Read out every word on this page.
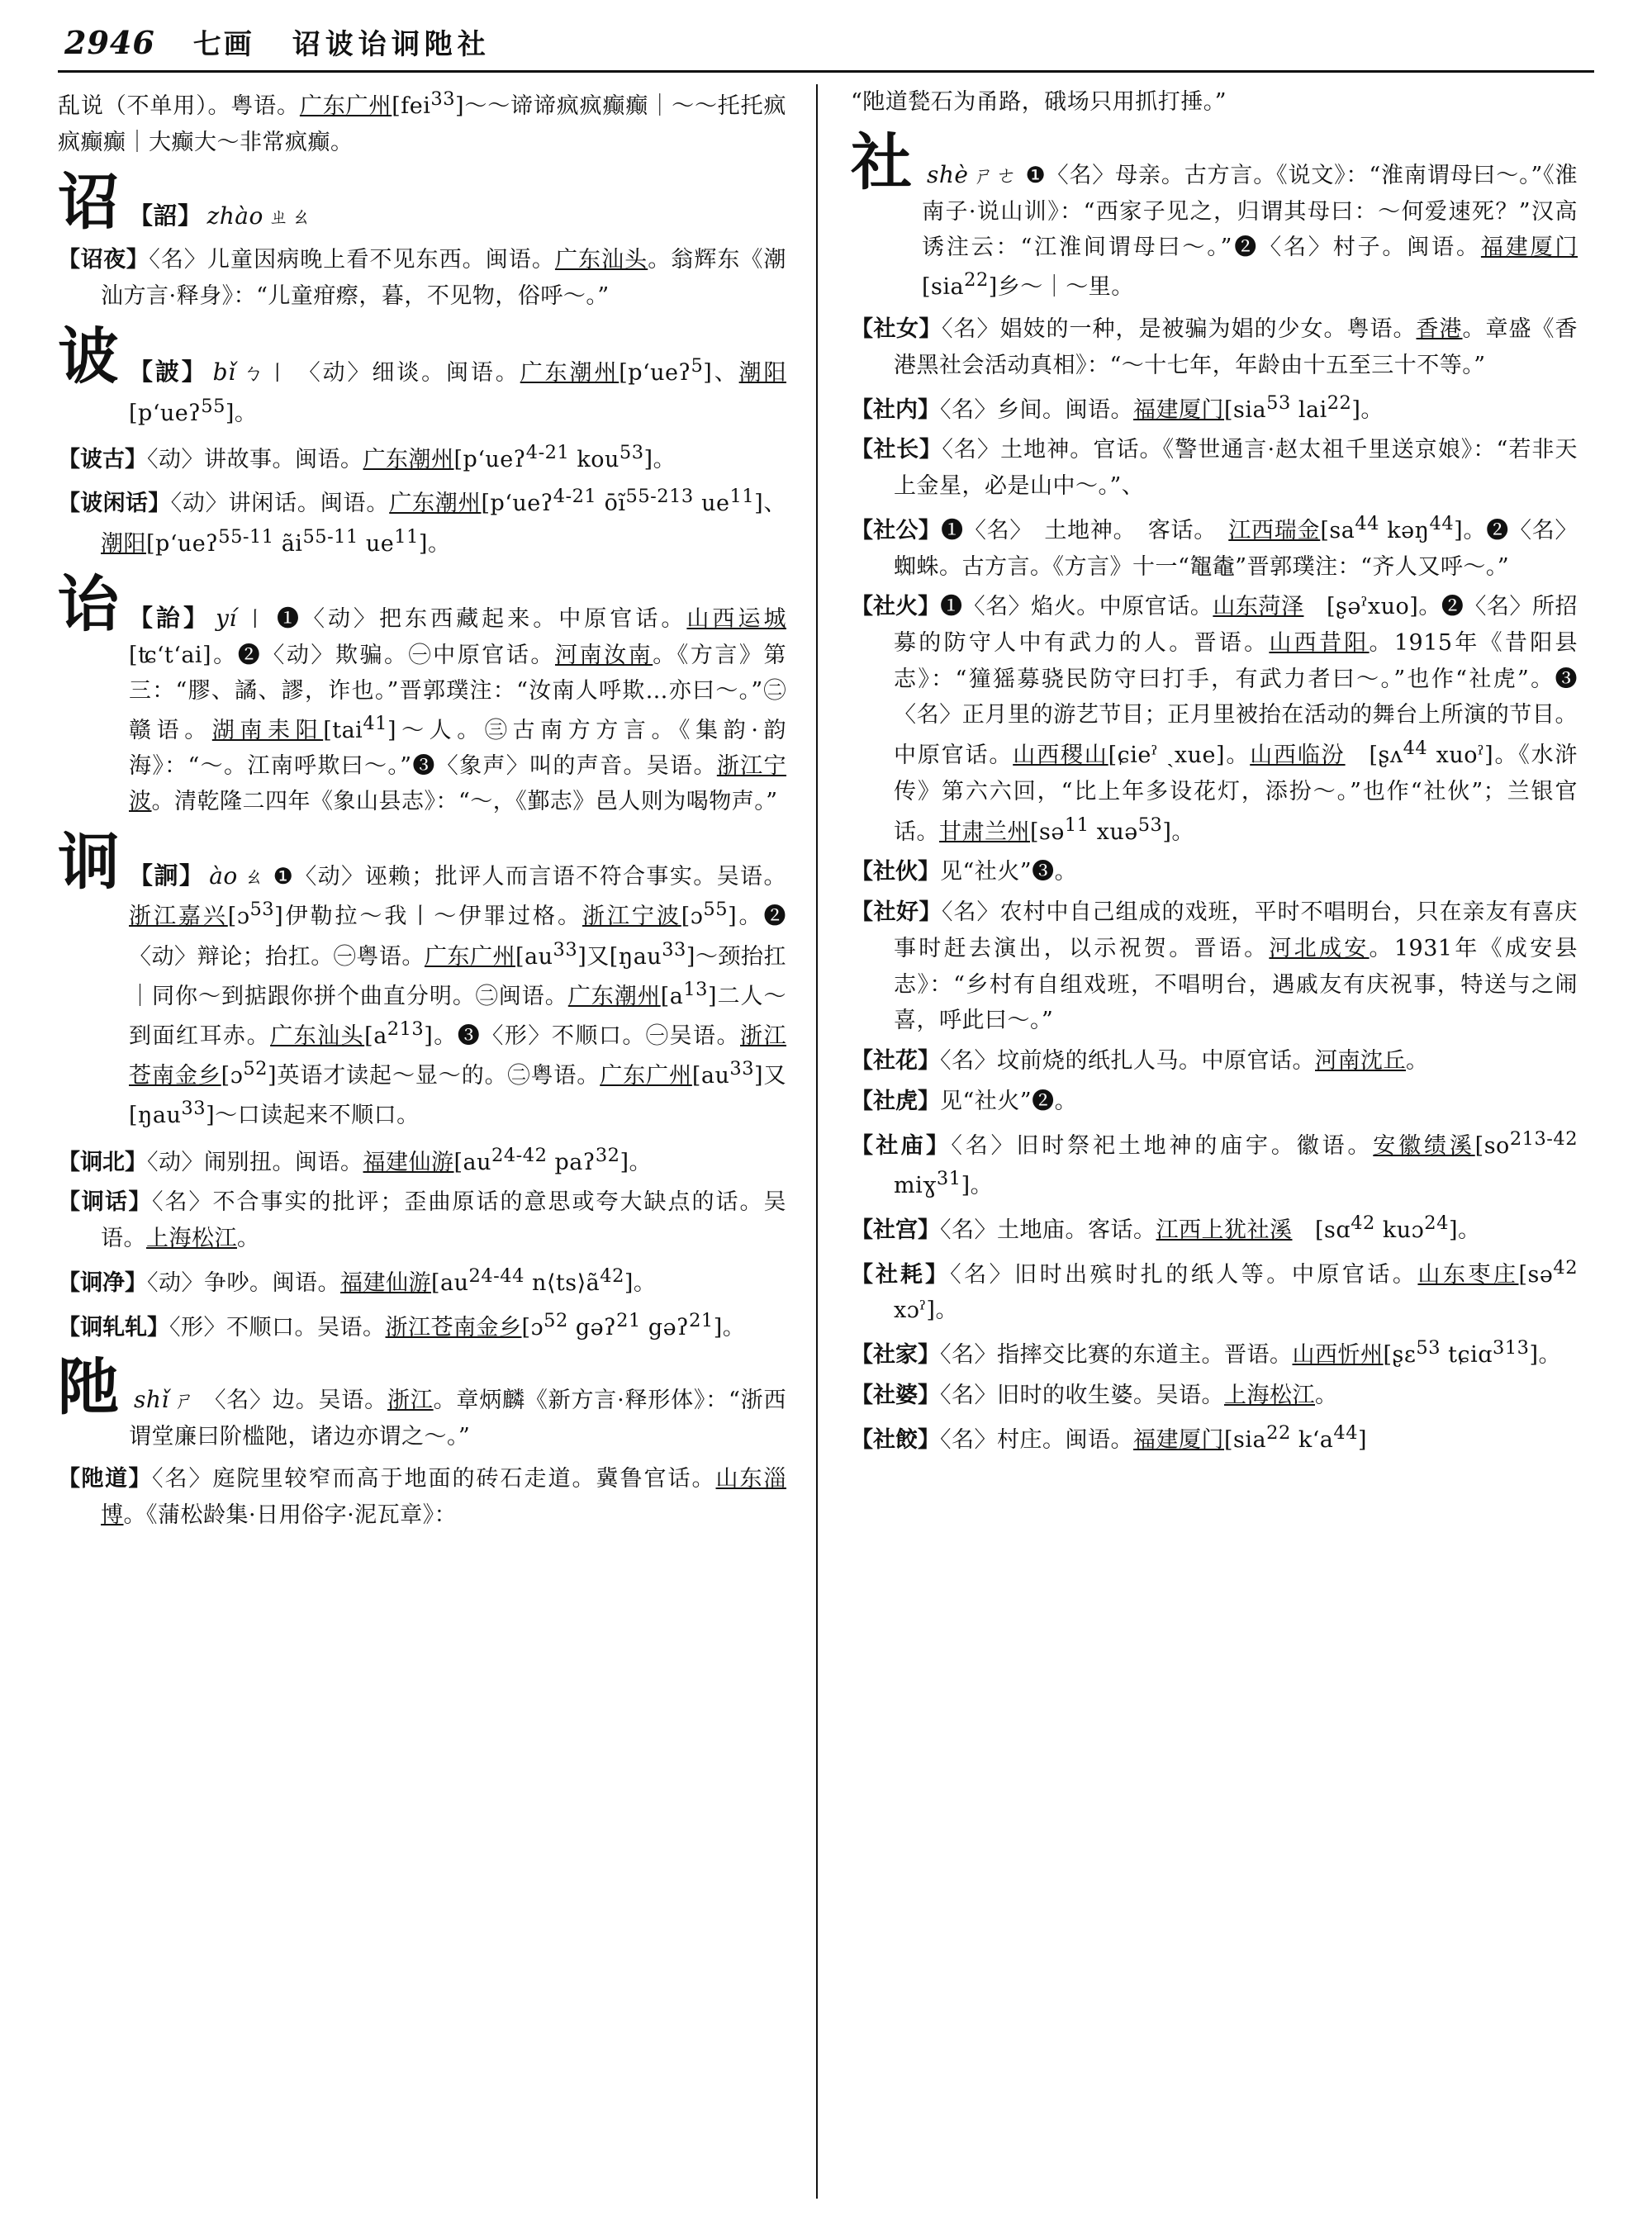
2946 七画 诏诐诒诇阤社
乱说（不单用）。粤语。广东广州[fei$^{33}$]～～谛谛疯疯癫癫｜～～托托疯疯癫癫｜大癫大～非常疯癫。
诏 【詔】 zhào ㄓㄠ
【诏夜】〈名〉儿童因病晚上看不见东西。闽语。广东汕头。翁辉东《潮汕方言·释身》：“儿童疳瘵，暮，不见物，俗呼～。”
诐 【詖】 bǐ ㄅ丨 〈动〉细谈。闽语。广东潮州[pʻueʔ$^5$]、潮阳[pʻueʔ$^{55}$]。
【诐古】〈动〉讲故事。闽语。广东潮州[pʻueʔ$^{4-21}$ kou$^{53}$]。
【诐闲话】〈动〉讲闲话。闽语。广东潮州[pʻueʔ$^{4-21}$ $ōĩ^{55-213}$ $ue^{11}$]、潮阳[pʻueʔ$^{55-11}$ $ãi^{55-11}$ $ue^{11}$]。
诒 【詒】 yí 丨 ❶〈动〉把东西藏起来。中原官话。山西运城[ʨʻtʻai]。❷〈动〉欺骗。㊀中原官话。河南汝南。《方言》第三：“膠、譎、謬，诈也。”晋郭璞注：“汝南人呼欺…亦曰～。”㊁赣语。湖南耒阳[tai$^{41}$]～人。㊂古南方方言。《集韵·韵海》：“～。江南呼欺曰～。”❸〈象声〉叫的声音。吴语。浙江宁波。清乾隆二四年《象山县志》：“～，《鄞志》邑人则为喝物声。”
诇 【詗】 ào ㄠ ❶〈动〉诬赖；批评人而言语不符合事实。吴语。浙江嘉兴[ɔ$^{53}$]伊勒拉～我丨～伊罪过格。浙江宁波[ɔ$^{55}$]。❷〈动〉辩论；抬扛。㊀粤语。广东广州$[au^{33}]$又[ŋau$^{33}$]～颈抬扛｜同你～到掂跟你拼个曲直分明。㊁闽语。广东潮州$[a^{13}]$二人～到面红耳赤。广东汕头$[a^{213}]$。❸〈形〉不顺口。㊀吴语。浙江苍南金乡[ɔ$^{52}$]英语才读起～显～的。㊁粤语。广东广州$[au^{33}]$又[ŋau$^{33}$]～口读起来不顺口。
【诇北】〈动〉闹别扭。闽语。福建仙游[$au^{24-42}$ paʔ$^{32}$]。
【诇话】〈名〉不合事实的批评；歪曲原话的意思或夸大缺点的话。吴语。上海松江。
【诇净】〈动〉争吵。闽语。福建仙游[$au^{24-44}$ $n⟨ts⟩ã^{42}$]。
【诇轧轧】〈形〉不顺口。吴语。浙江苍南金乡[ɔ$^{52}$ gəʔ$^{21}$ gəʔ$^{21}$]。
阤 shǐ ㄕ 〈名〉边。吴语。浙江。章炳麟《新方言·释形体》：“浙西谓堂廉曰阶槛阤，诸边亦谓之～。”
【阤道】〈名〉庭院里较窄而高于地面的砖石走道。冀鲁官话。山东淄博。《蒲松龄集·日用俗字·泥瓦章》：
“阤道甃石为甬路，硪场只用抓打捶。”
社 shè ㄕㄜ ❶〈名〉母亲。古方言。《说文》：“淮南谓母曰～。”《淮南子·说山训》：“西家子见之，归谓其母曰：～何爱速死？”汉高诱注云：“江淮间谓母曰～。”❷〈名〉村子。闽语。福建厦门[sia$^{22}$]乡～｜～里。
【社女】〈名〉娼妓的一种，是被骗为娼的少女。粤语。香港。章盛《香港黑社会活动真相》：“～十七年，年龄由十五至三十不等。”
【社内】〈名〉乡间。闽语。福建厦门[sia$^{53}$ lai$^{22}$]。
【社长】〈名〉土地神。官话。《警世通言·赵太祖千里送京娘》：“若非天上金星，必是山中～。”、
【社公】❶〈名〉　土地神。　客话。　江西瑞金[$sa^{44}$ kəŋ$^{44}$]。❷〈名〉蜘蛛。古方言。《方言》十一“鼅鼄”晋郭璞注：“齐人又呼～。”
【社火】❶〈名〉焰火。中原官话。山东菏泽　[ʂəˀxuo]。❷〈名〉所招募的防守人中有武力的人。晋语。山西昔阳。1915年《昔阳县志》：“獞猺募骁民防守曰打手，有武力者曰～。”也作“社虎”。❸〈名〉正月里的游艺节目；正月里被抬在活动的舞台上所演的节目。中原官话。山西稷山[ɕieˀ ˏxue]。山西临汾　[ʂʌ$^{44}$ xuoˀ]。《水浒传》第六六回，“比上年多设花灯，添扮～。”也作“社伙”；兰银官话。甘肃兰州[sə$^{11}$ xuə$^{53}$]。
【社伙】见“社火”❸。
【社好】〈名〉农村中自己组成的戏班，平时不唱明台，只在亲友有喜庆事时赶去演出，以示祝贺。晋语。河北成安。1931年《成安县志》：“乡村有自组戏班，不唱明台，遇戚友有庆祝事，特送与之闹喜，呼此曰～。”
【社花】〈名〉坟前烧的纸扎人马。中原官话。河南沈丘。
【社虎】见“社火”❷。
【社庙】〈名〉旧时祭祀土地神的庙宇。徽语。安徽绩溪[$so^{213-42}$ miɣ$^{31}$]。
【社宫】〈名〉土地庙。客话。江西上犹社溪　[sɑ$^{42}$ kuɔ$^{24}$]。
【社耗】〈名〉旧时出殡时扎的纸人等。中原官话。山东枣庄[sə$^{42}$ xɔˀ]。
【社家】〈名〉指摔交比赛的东道主。晋语。山西忻州[ʂɛ$^{53}$ tɕiɑ$^{313}$]。
【社婆】〈名〉旧时的收生婆。吴语。上海松江。
【社餃】〈名〉村庄。闽语。福建厦门[sia$^{22}$ kʻa$^{44}$]
